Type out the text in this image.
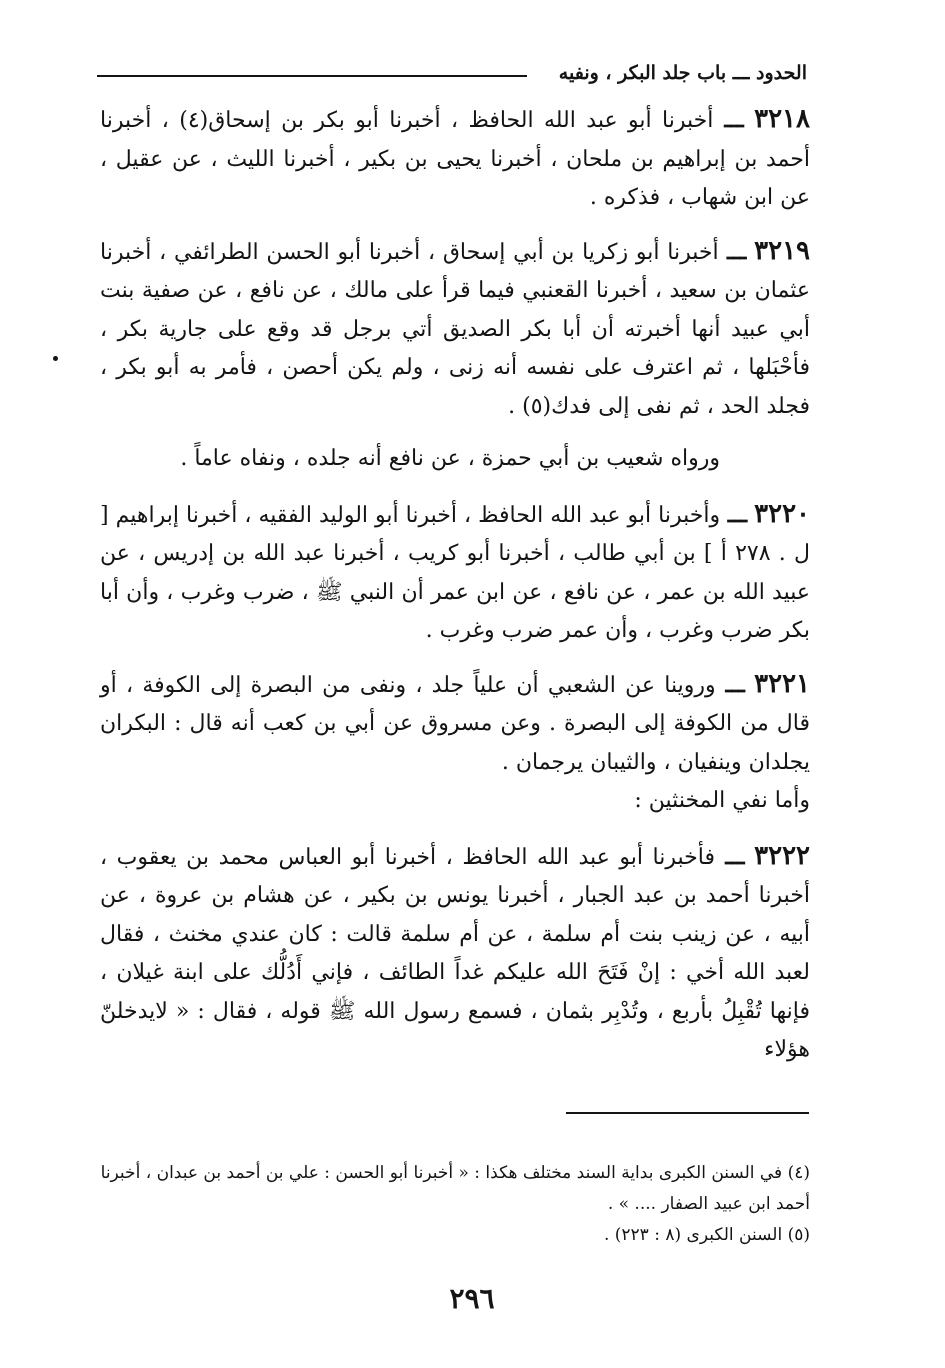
الحدود ـــ باب جلد البكر ، ونفيه

٣٢١٨ ـــ أخبرنا أبو عبد الله الحافظ ، أخبرنا أبو بكر بن إسحاق(٤) ، أخبرنا أحمد بن إبراهيم بن ملحان ، أخبرنا يحيى بن بكير ، أخبرنا الليث ، عن عقيل ، عن ابن شهاب ، فذكره .

٣٢١٩ ـــ أخبرنا أبو زكريا بن أبي إسحاق ، أخبرنا أبو الحسن الطرائفي ، أخبرنا عثمان بن سعيد ، أخبرنا القعنبي فيما قرأ على مالك ، عن نافع ، عن صفية بنت أبي عبيد أنها أخبرته أن أبا بكر الصديق أتي برجل قد وقع على جارية بكر ، فأحْبَلها ، ثم اعترف على نفسه أنه زنى ، ولم يكن أحصن ، فأمر به أبو بكر ، فجلد الحد ، ثم نفى إلى فدك(٥) .

ورواه شعيب بن أبي حمزة ، عن نافع أنه جلده ، ونفاه عاماً .

٣٢٢٠ ـــ وأخبرنا أبو عبد الله الحافظ ، أخبرنا أبو الوليد الفقيه ، أخبرنا إبراهيم [ ل . ٢٧٨ أ ] بن أبي طالب ، أخبرنا أبو كريب ، أخبرنا عبد الله بن إدريس ، عن عبيد الله بن عمر ، عن نافع ، عن ابن عمر أن النبي ﷺ ، ضرب وغرب ، وأن أبا بكر ضرب وغرب ، وأن عمر ضرب وغرب .

٣٢٢١ ـــ وروينا عن الشعبي أن علياً جلد ، ونفى من البصرة إلى الكوفة ، أو قال من الكوفة إلى البصرة . وعن مسروق عن أبي بن كعب أنه قال : البكران يجلدان وينفيان ، والثيبان يرجمان .

وأما نفي المخنثين :

٣٢٢٢ ـــ فأخبرنا أبو عبد الله الحافظ ، أخبرنا أبو العباس محمد بن يعقوب ، أخبرنا أحمد بن عبد الجبار ، أخبرنا يونس بن بكير ، عن هشام بن عروة ، عن أبيه ، عن زينب بنت أم سلمة ، عن أم سلمة قالت : كان عندي مخنث ، فقال لعبد الله أخي : إنْ فَتَحَ الله عليكم غداً الطائف ، فإني أَدُلُّك على ابنة غيلان ، فإنها تُقْبِلُ بأربع ، وتُدْبِر بثمان ، فسمع رسول الله ﷺ قوله ، فقال : « لايدخلنّ هؤلاء

(٤) في السنن الكبرى بداية السند مختلف هكذا : « أخبرنا أبو الحسن : علي بن أحمد بن عبدان ، أخبرنا أحمد ابن عبيد الصفار .... » .

(٥) السنن الكبرى (٨ : ٢٢٣) .

٢٩٦
